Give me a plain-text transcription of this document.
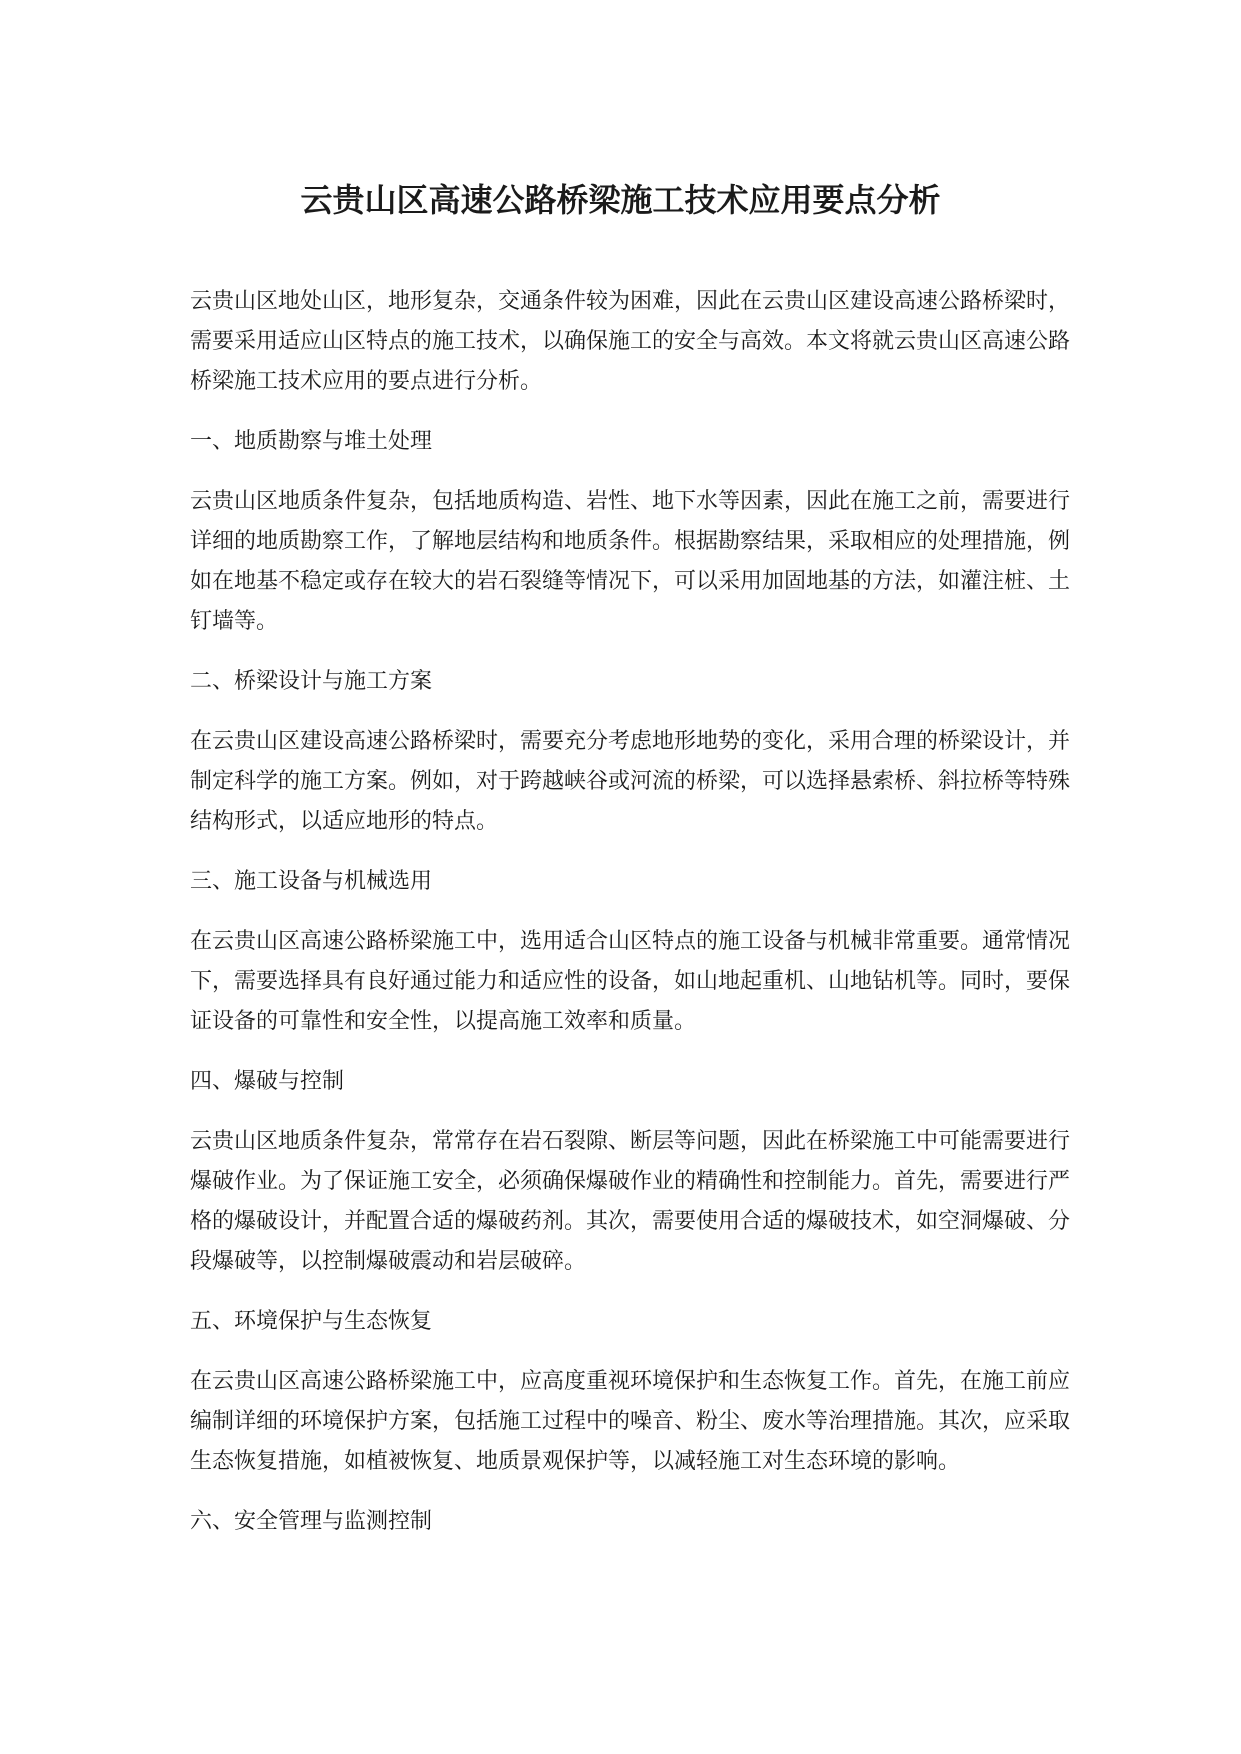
云贵山区高速公路桥梁施工技术应用要点分析

云贵山区地处山区，地形复杂，交通条件较为困难，因此在云贵山区建设高速公路桥梁时，需要采用适应山区特点的施工技术，以确保施工的安全与高效。本文将就云贵山区高速公路桥梁施工技术应用的要点进行分析。

一、地质勘察与堆土处理

云贵山区地质条件复杂，包括地质构造、岩性、地下水等因素，因此在施工之前，需要进行详细的地质勘察工作，了解地层结构和地质条件。根据勘察结果，采取相应的处理措施，例如在地基不稳定或存在较大的岩石裂缝等情况下，可以采用加固地基的方法，如灌注桩、土钉墙等。

二、桥梁设计与施工方案

在云贵山区建设高速公路桥梁时，需要充分考虑地形地势的变化，采用合理的桥梁设计，并制定科学的施工方案。例如，对于跨越峡谷或河流的桥梁，可以选择悬索桥、斜拉桥等特殊结构形式，以适应地形的特点。

三、施工设备与机械选用

在云贵山区高速公路桥梁施工中，选用适合山区特点的施工设备与机械非常重要。通常情况下，需要选择具有良好通过能力和适应性的设备，如山地起重机、山地钻机等。同时，要保证设备的可靠性和安全性，以提高施工效率和质量。

四、爆破与控制

云贵山区地质条件复杂，常常存在岩石裂隙、断层等问题，因此在桥梁施工中可能需要进行爆破作业。为了保证施工安全，必须确保爆破作业的精确性和控制能力。首先，需要进行严格的爆破设计，并配置合适的爆破药剂。其次，需要使用合适的爆破技术，如空洞爆破、分段爆破等，以控制爆破震动和岩层破碎。

五、环境保护与生态恢复

在云贵山区高速公路桥梁施工中，应高度重视环境保护和生态恢复工作。首先，在施工前应编制详细的环境保护方案，包括施工过程中的噪音、粉尘、废水等治理措施。其次，应采取生态恢复措施，如植被恢复、地质景观保护等，以减轻施工对生态环境的影响。

六、安全管理与监测控制
